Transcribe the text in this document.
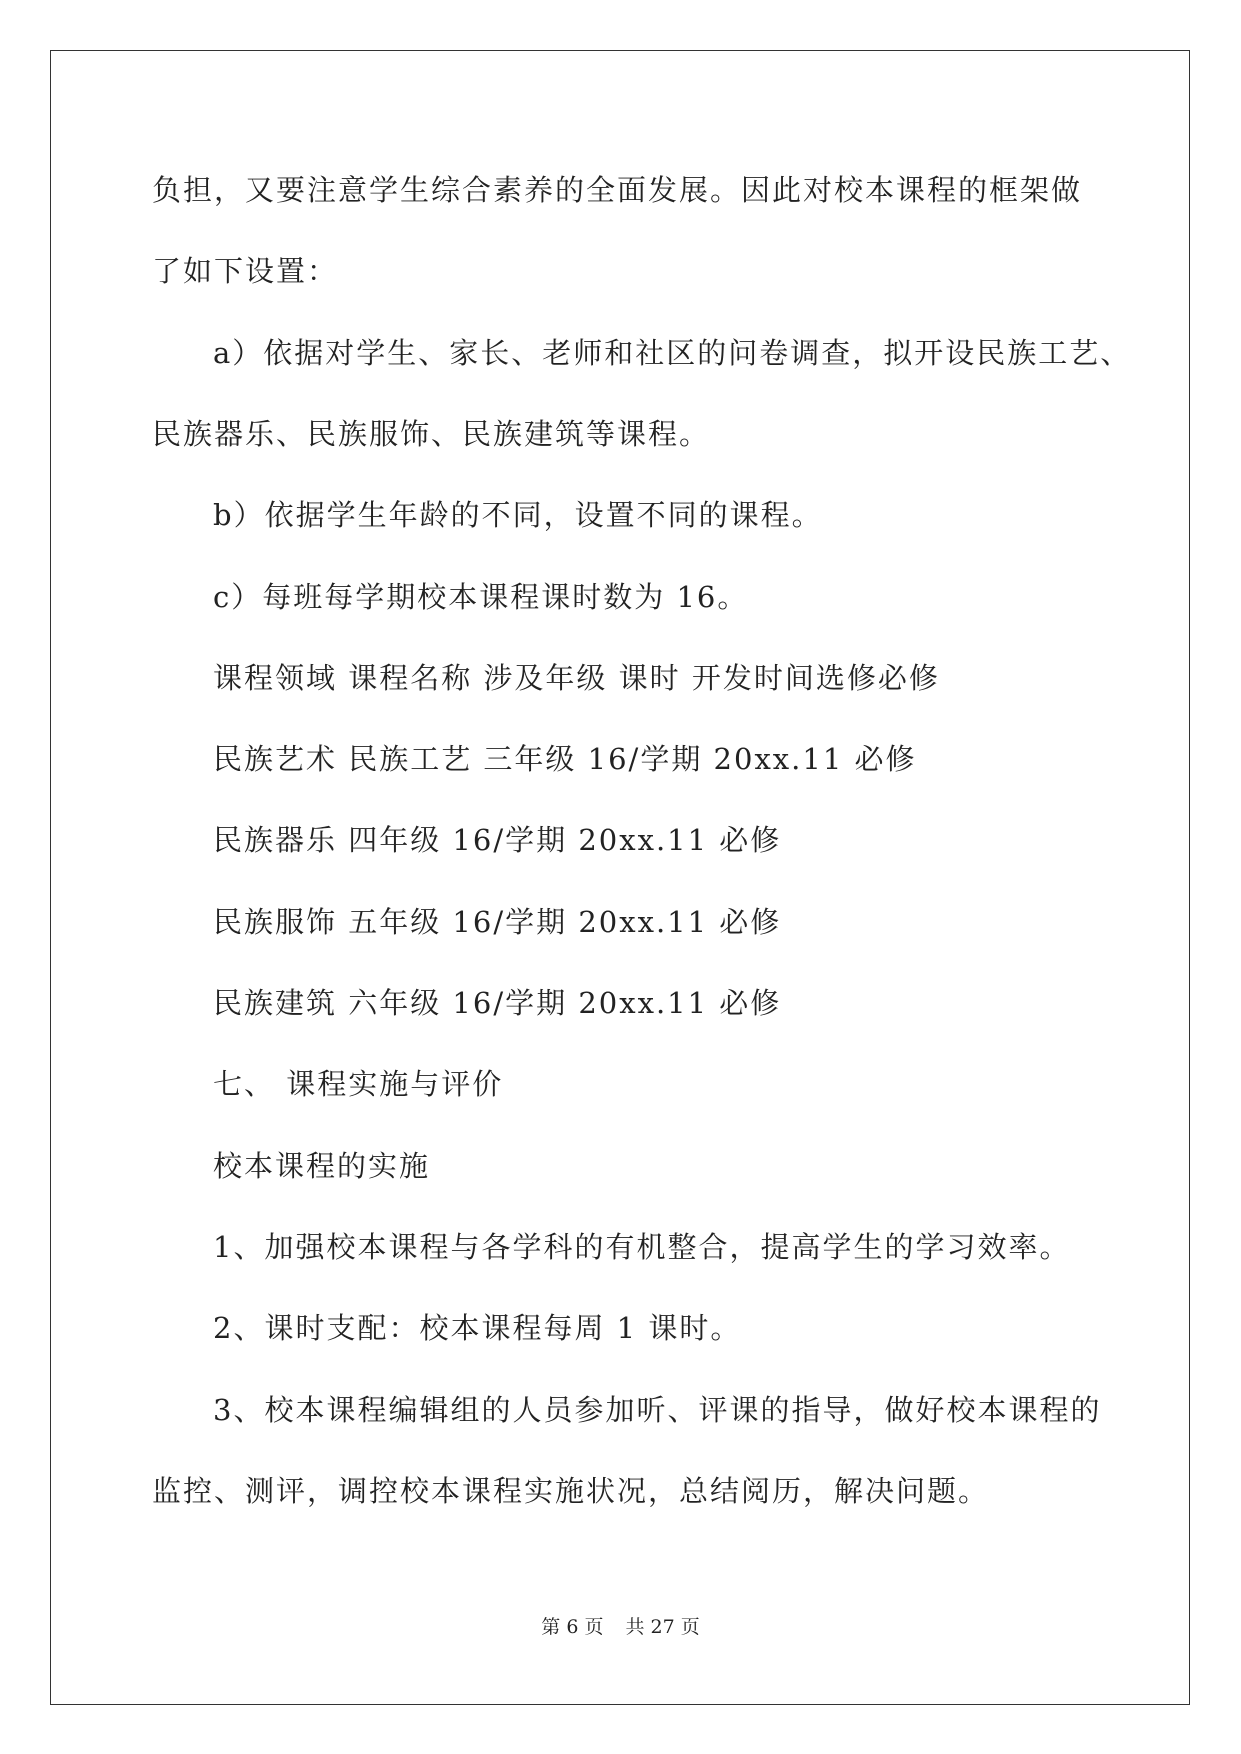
负担，又要注意学生综合素养的全面发展。因此对校本课程的框架做
了如下设置：
a）依据对学生、家长、老师和社区的问卷调查，拟开设民族工艺、
民族器乐、民族服饰、民族建筑等课程。
b）依据学生年龄的不同，设置不同的课程。
c）每班每学期校本课程课时数为 16。
课程领域 课程名称 涉及年级 课时 开发时间选修必修
民族艺术 民族工艺 三年级 16/学期 20xx.11 必修
民族器乐 四年级 16/学期 20xx.11 必修
民族服饰 五年级 16/学期 20xx.11 必修
民族建筑 六年级 16/学期 20xx.11 必修
七、 课程实施与评价
校本课程的实施
1、加强校本课程与各学科的有机整合，提高学生的学习效率。
2、课时支配：校本课程每周 1 课时。
3、校本课程编辑组的人员参加听、评课的指导，做好校本课程的
监控、测评，调控校本课程实施状况，总结阅历，解决问题。
第 6 页 共 27 页
